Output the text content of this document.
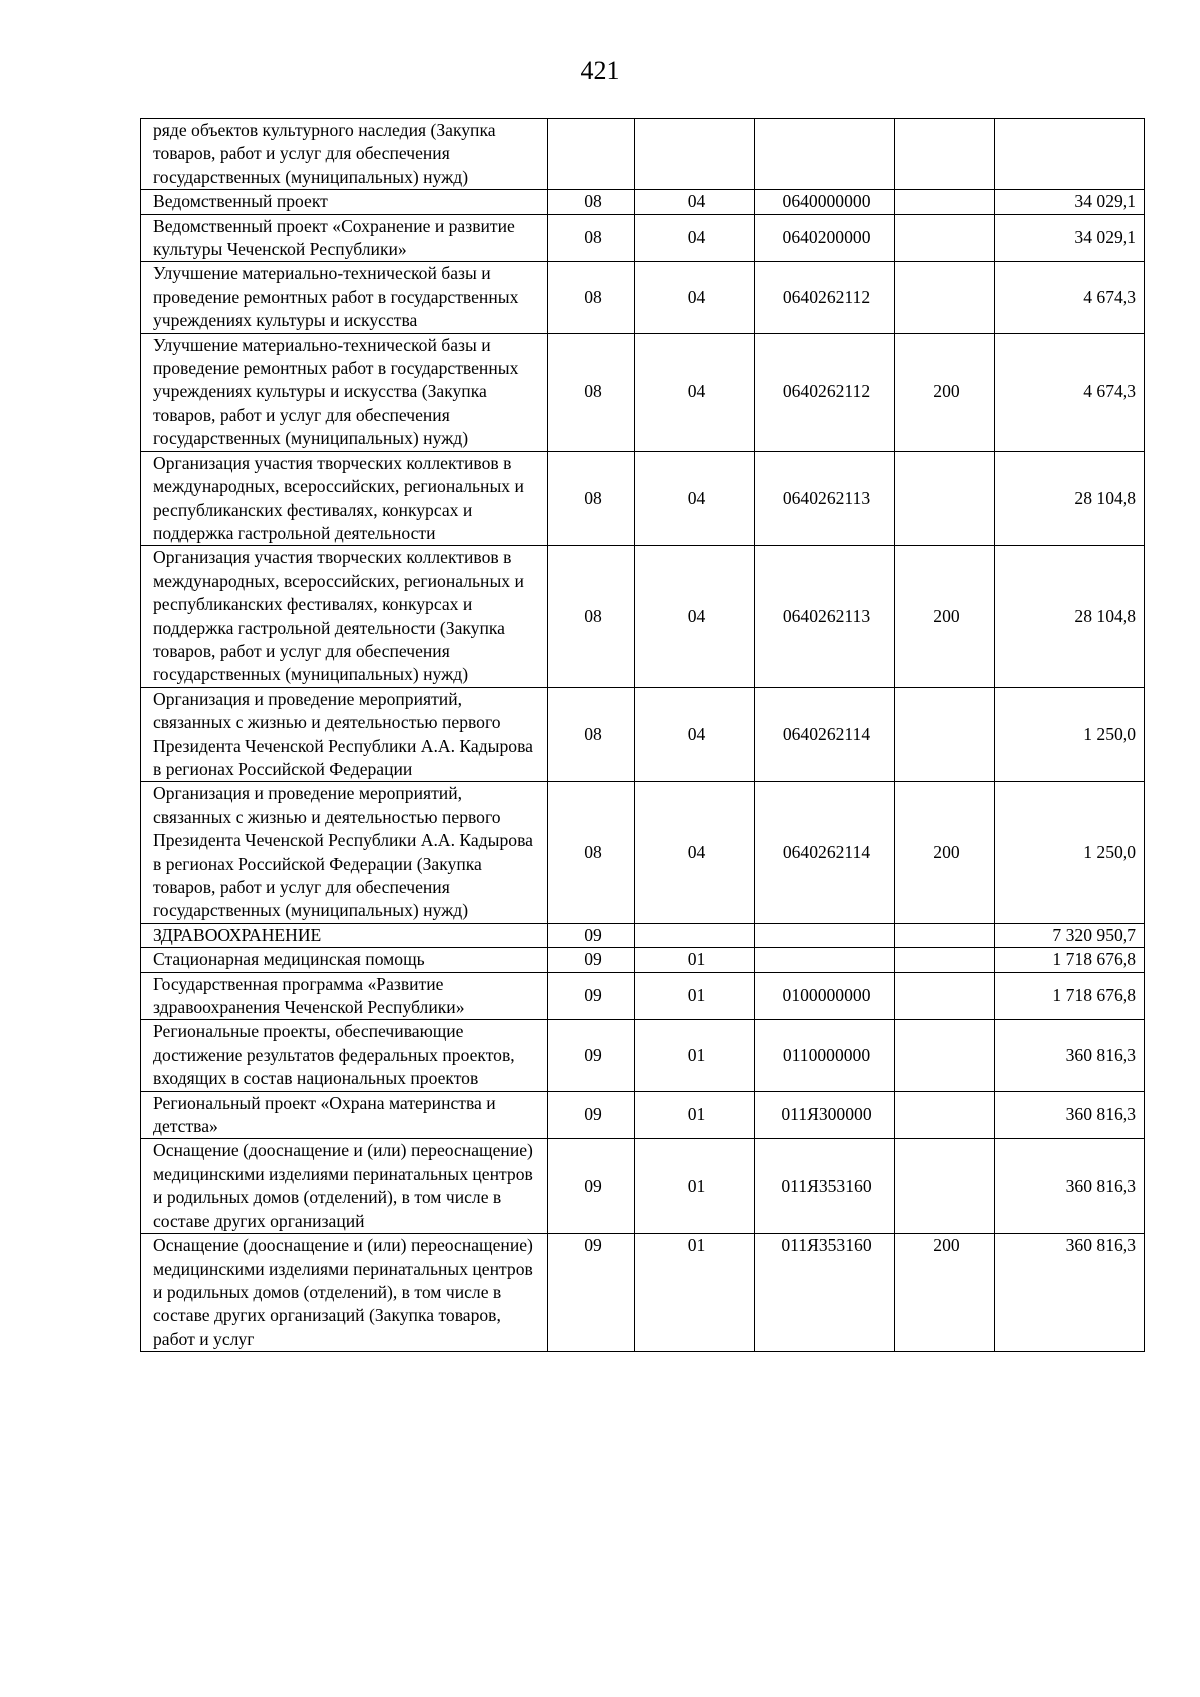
421
ряде объектов культурного наследия (Закупка товаров, работ и услуг для обеспечения государственных (муниципальных) нужд)					
Ведомственный проект	08	04	0640000000		34 029,1
Ведомственный проект «Сохранение и развитие культуры Чеченской Республики»	08	04	0640200000		34 029,1
Улучшение материально-технической базы и проведение ремонтных работ в государственных учреждениях культуры и искусства	08	04	0640262112		4 674,3
Улучшение материально-технической базы и проведение ремонтных работ в государственных учреждениях культуры и искусства (Закупка товаров, работ и услуг для обеспечения государственных (муниципальных) нужд)	08	04	0640262112	200	4 674,3
Организация участия творческих коллективов в международных, всероссийских, региональных и республиканских фестивалях, конкурсах и поддержка гастрольной деятельности	08	04	0640262113		28 104,8
Организация участия творческих коллективов в международных, всероссийских, региональных и республиканских фестивалях, конкурсах и поддержка гастрольной деятельности (Закупка товаров, работ и услуг для обеспечения государственных (муниципальных) нужд)	08	04	0640262113	200	28 104,8
Организация и проведение мероприятий, связанных с жизнью и деятельностью первого Президента Чеченской Республики А.А. Кадырова в регионах Российской Федерации	08	04	0640262114		1 250,0
Организация и проведение мероприятий, связанных с жизнью и деятельностью первого Президента Чеченской Республики А.А. Кадырова в регионах Российской Федерации (Закупка товаров, работ и услуг для обеспечения государственных (муниципальных) нужд)	08	04	0640262114	200	1 250,0
ЗДРАВООХРАНЕНИЕ	09				7 320 950,7
Стационарная медицинская помощь	09	01			1 718 676,8
Государственная программа «Развитие здравоохранения Чеченской Республики»	09	01	0100000000		1 718 676,8
Региональные проекты, обеспечивающие достижение результатов федеральных проектов, входящих в состав национальных проектов	09	01	0110000000		360 816,3
Региональный проект «Охрана материнства и детства»	09	01	011Я300000		360 816,3
Оснащение (дооснащение и (или) переоснащение) медицинскими изделиями перинатальных центров и родильных домов (отделений), в том числе в составе других организаций	09	01	011Я353160		360 816,3
Оснащение (дооснащение и (или) переоснащение) медицинскими изделиями перинатальных центров и родильных домов (отделений), в том числе в составе других организаций (Закупка товаров, работ и услуг	09	01	011Я353160	200	360 816,3
